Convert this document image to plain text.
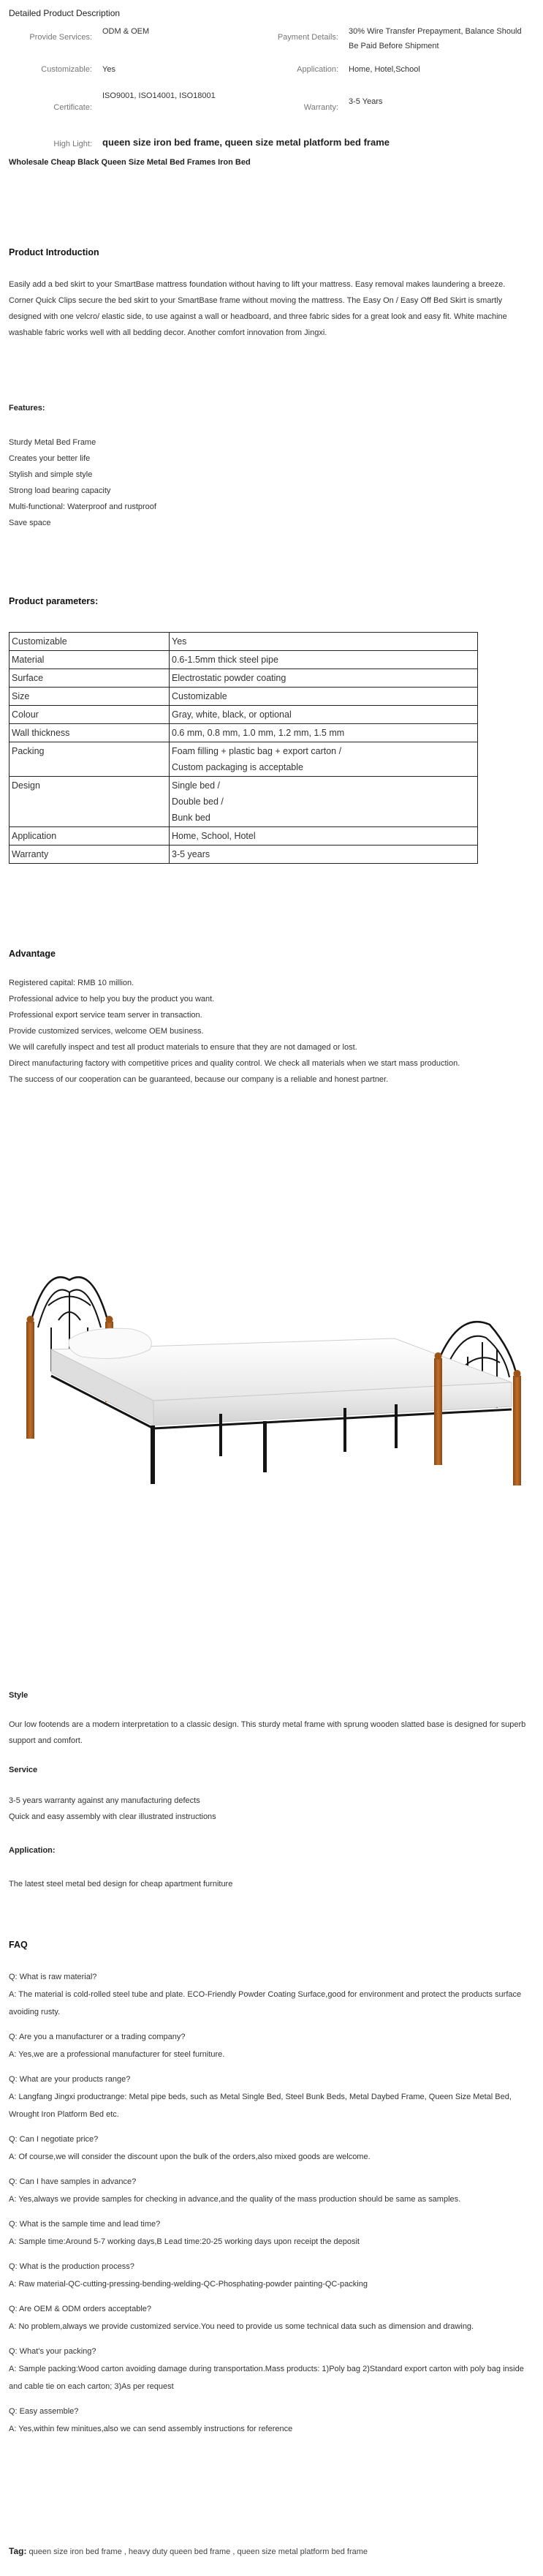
Detailed Product Description
Provide Services:	ODM & OEM	Payment Details:	30% Wire Transfer Prepayment, Balance Should Be Paid Before Shipment
Customizable:	Yes	Application:	Home, Hotel,School
Certificate:	ISO9001, ISO14001, ISO18001	Warranty:	3-5 Years
High Light:	queen size iron bed frame, queen size metal platform bed frame		
Wholesale Cheap Black Queen Size Metal Bed Frames Iron Bed
Product Introduction
Easily add a bed skirt to your SmartBase mattress foundation without having to lift your mattress. Easy removal makes laundering a breeze. Corner Quick Clips secure the bed skirt to your SmartBase frame without moving the mattress. The Easy On / Easy Off Bed Skirt is smartly designed with one velcro/ elastic side, to use against a wall or headboard, and three fabric sides for a great look and easy fit. White machine washable fabric works well with all bedding decor. Another comfort innovation from Jingxi.
Features:
Sturdy Metal Bed Frame
Creates your better life
Stylish and simple style
Strong load bearing capacity
Multi-functional: Waterproof and rustproof
Save space
Product parameters:
Customizable	Yes
Material	0.6-1.5mm thick steel pipe
Surface	Electrostatic powder coating
Size	Customizable
Colour	Gray, white, black, or optional
Wall thickness	0.6 mm, 0.8 mm, 1.0 mm, 1.2 mm, 1.5 mm
Packing	Foam filling + plastic bag + export carton /
Custom packaging is acceptable

Design	Single bed /
Double bed /
Bunk bed

Application	Home, School, Hotel
Warranty	3-5 years
Advantage
Registered capital: RMB 10 million.
Professional advice to help you buy the product you want.
Professional export service team server in transaction.
Provide customized services, welcome OEM business.
We will carefully inspect and test all product materials to ensure that they are not damaged or lost.
Direct manufacturing factory with competitive prices and quality control. We check all materials when we start mass production.
The success of our cooperation can be guaranteed, because our company is a reliable and honest partner.
Style
Our low footends are a modern interpretation to a classic design. This sturdy metal frame with sprung wooden slatted base is designed for superb support and comfort.
Service
3-5 years warranty against any manufacturing defects
Quick and easy assembly with clear illustrated instructions
Application:
The latest steel metal bed design for cheap apartment furniture
FAQ
Q: What is raw material?
A: The material is cold-rolled steel tube and plate. ECO-Friendly Powder Coating Surface,good for environment and protect the products surface avoiding rusty.
Q: Are you a manufacturer or a trading company?
A: Yes,we are a professional manufacturer for steel furniture.
Q: What are your products range?
A: Langfang Jingxi productrange: Metal pipe beds, such as Metal Single Bed, Steel Bunk Beds, Metal Daybed Frame, Queen Size Metal Bed, Wrought Iron Platform Bed etc.
Q: Can I negotiate price?
A: Of course,we will consider the discount upon the bulk of the orders,also mixed goods are welcome.
Q: Can I have samples in advance?
A: Yes,always we provide samples for checking in advance,and the quality of the mass production should be same as samples.
Q: What is the sample time and lead time?
A: Sample time:Around 5-7 working days,B Lead time:20-25 working days upon receipt the deposit
Q: What is the production process?
A: Raw material-QC-cutting-pressing-bending-welding-QC-Phosphating-powder painting-QC-packing
Q: Are OEM & ODM orders acceptable?
A: No problem,always we provide customized service.You need to provide us some technical data such as dimension and drawing.
Q: What's your packing?
A: Sample packing:Wood carton avoiding damage during transportation.Mass products: 1)Poly bag 2)Standard export carton with poly bag inside and cable tie on each carton; 3)As per request
Q: Easy assemble?
A: Yes,within few minitues,also we can send assembly instructions for reference
Tag: queen size iron bed frame , heavy duty queen bed frame , queen size metal platform bed frame
